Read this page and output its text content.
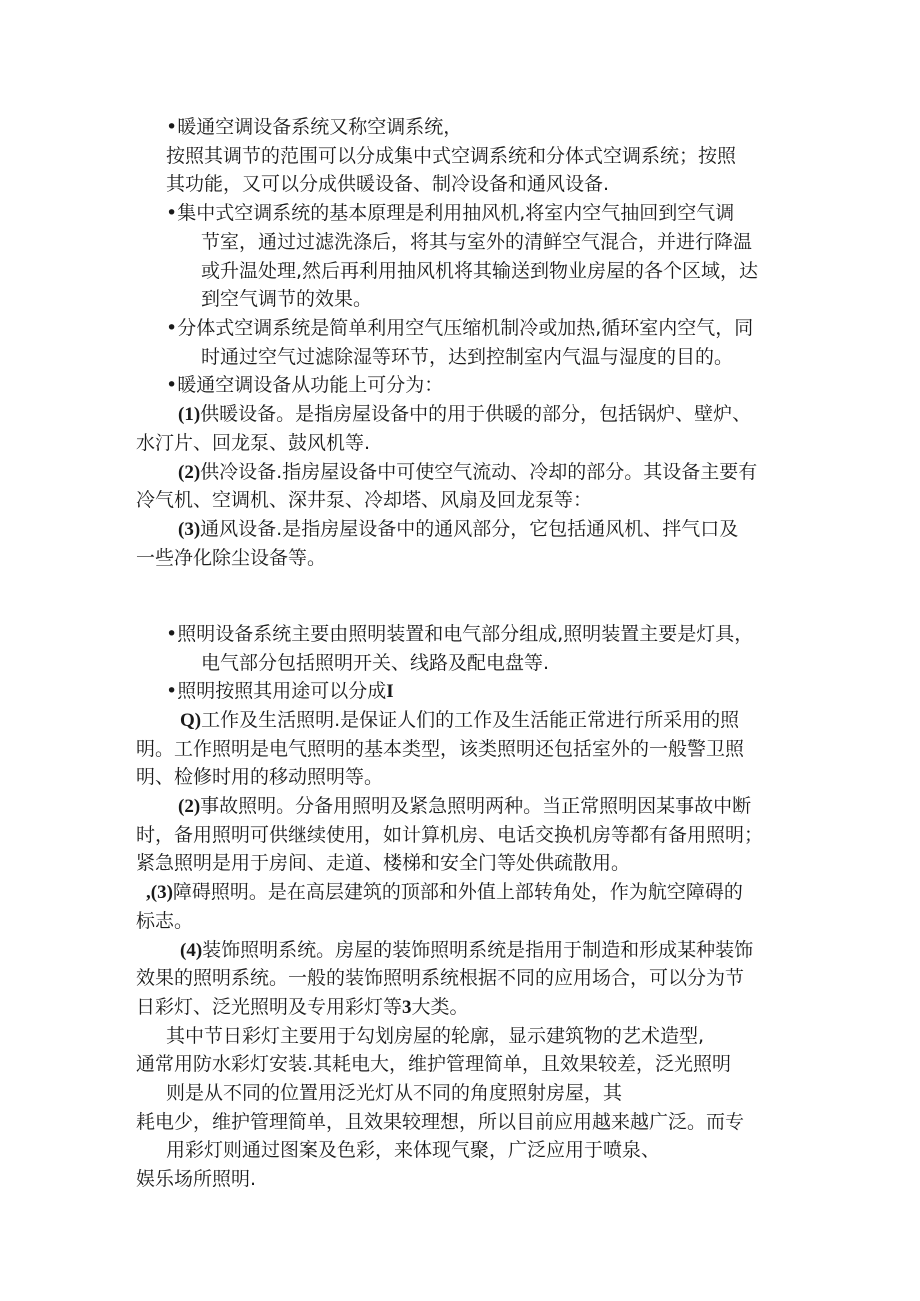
•暖通空调设备系统又称空调系统，
按照其调节的范围可以分成集中式空调系统和分体式空调系统；按照
其功能，又可以分成供暖设备、制冷设备和通风设备.
•集中式空调系统的基本原理是利用抽风机,将室内空气抽回到空气调
节室，通过过滤洗涤后，将其与室外的清鲜空气混合，并进行降温
或升温处理,然后再利用抽风机将其输送到物业房屋的各个区域，达
到空气调节的效果。
•分体式空调系统是简单利用空气压缩机制冷或加热,循环室内空气，同
时通过空气过滤除湿等环节，达到控制室内气温与湿度的目的。
•暖通空调设备从功能上可分为：
(1)供暖设备。是指房屋设备中的用于供暖的部分，包括锅炉、壁炉、
水汀片、回龙泵、鼓风机等.
(2)供冷设备.指房屋设备中可使空气流动、冷却的部分。其设备主要有
冷气机、空调机、深井泵、冷却塔、风扇及回龙泵等：
(3)通风设备.是指房屋设备中的通风部分，它包括通风机、拌气口及
一些净化除尘设备等。
•照明设备系统主要由照明装置和电气部分组成,照明装置主要是灯具，
电气部分包括照明开关、线路及配电盘等.
•照明按照其用途可以分成I
Q)工作及生活照明.是保证人们的工作及生活能正常进行所采用的照
明。工作照明是电气照明的基本类型，该类照明还包括室外的一般警卫照
明、检修时用的移动照明等。
(2)事故照明。分备用照明及紧急照明两种。当正常照明因某事故中断
时，备用照明可供继续使用，如计算机房、电话交换机房等都有备用照明；
紧急照明是用于房间、走道、楼梯和安全门等处供疏散用。
,(3)障碍照明。是在高层建筑的顶部和外值上部转角处，作为航空障碍的
标志。
(4)装饰照明系统。房屋的装饰照明系统是指用于制造和形成某种装饰
效果的照明系统。一般的装饰照明系统根据不同的应用场合，可以分为节
日彩灯、泛光照明及专用彩灯等3大类。
其中节日彩灯主要用于勾划房屋的轮廓，显示建筑物的艺术造型,
通常用防水彩灯安装.其耗电大，维护管理简单，且效果较差，泛光照明
则是从不同的位置用泛光灯从不同的角度照射房屋，其
耗电少，维护管理简单，且效果较理想，所以目前应用越来越广泛。而专
用彩灯则通过图案及色彩，来体现气聚，广泛应用于喷泉、
娱乐场所照明.
